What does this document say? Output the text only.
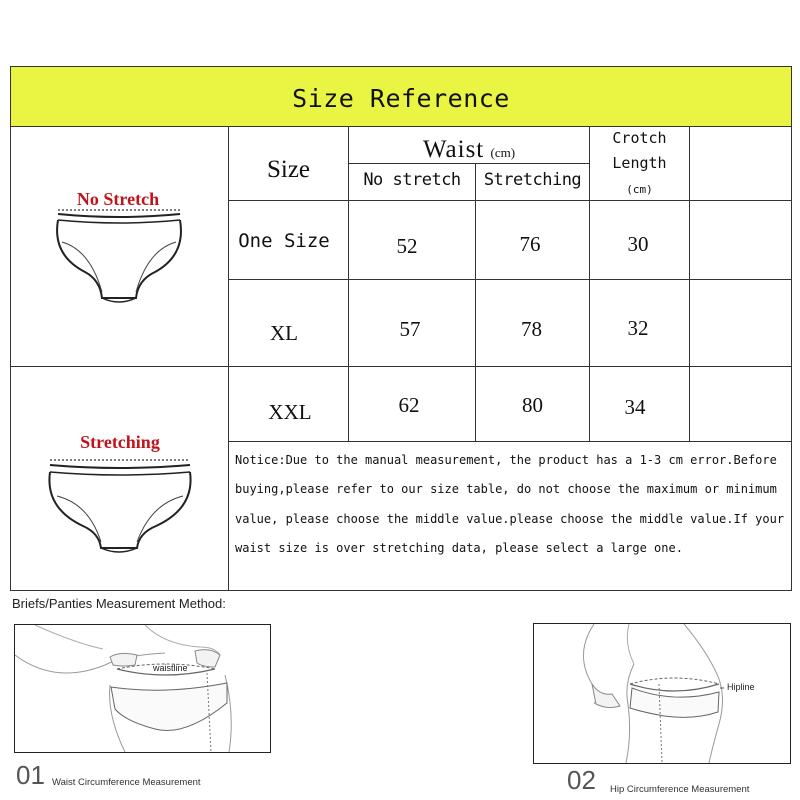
Size Reference
Size
Waist (cm)
No stretch	Stretching
Crotch
Length
(cm)
One Size	52	76	30
XL	57	78	32
XXL	62	80	34
Notice:Due to the manual measurement, the product has a 1-3 cm error.Before buying,please refer to our size table, do not choose the maximum or minimum value, please choose the middle value.please choose the middle value.If your waist size is over stretching data, please select a large one.
No Stretch
Stretching
Briefs/Panties Measurement Method:
waistline
01 Waist Circumference Measurement
Hipline
02 Hip Circumference Measurement
